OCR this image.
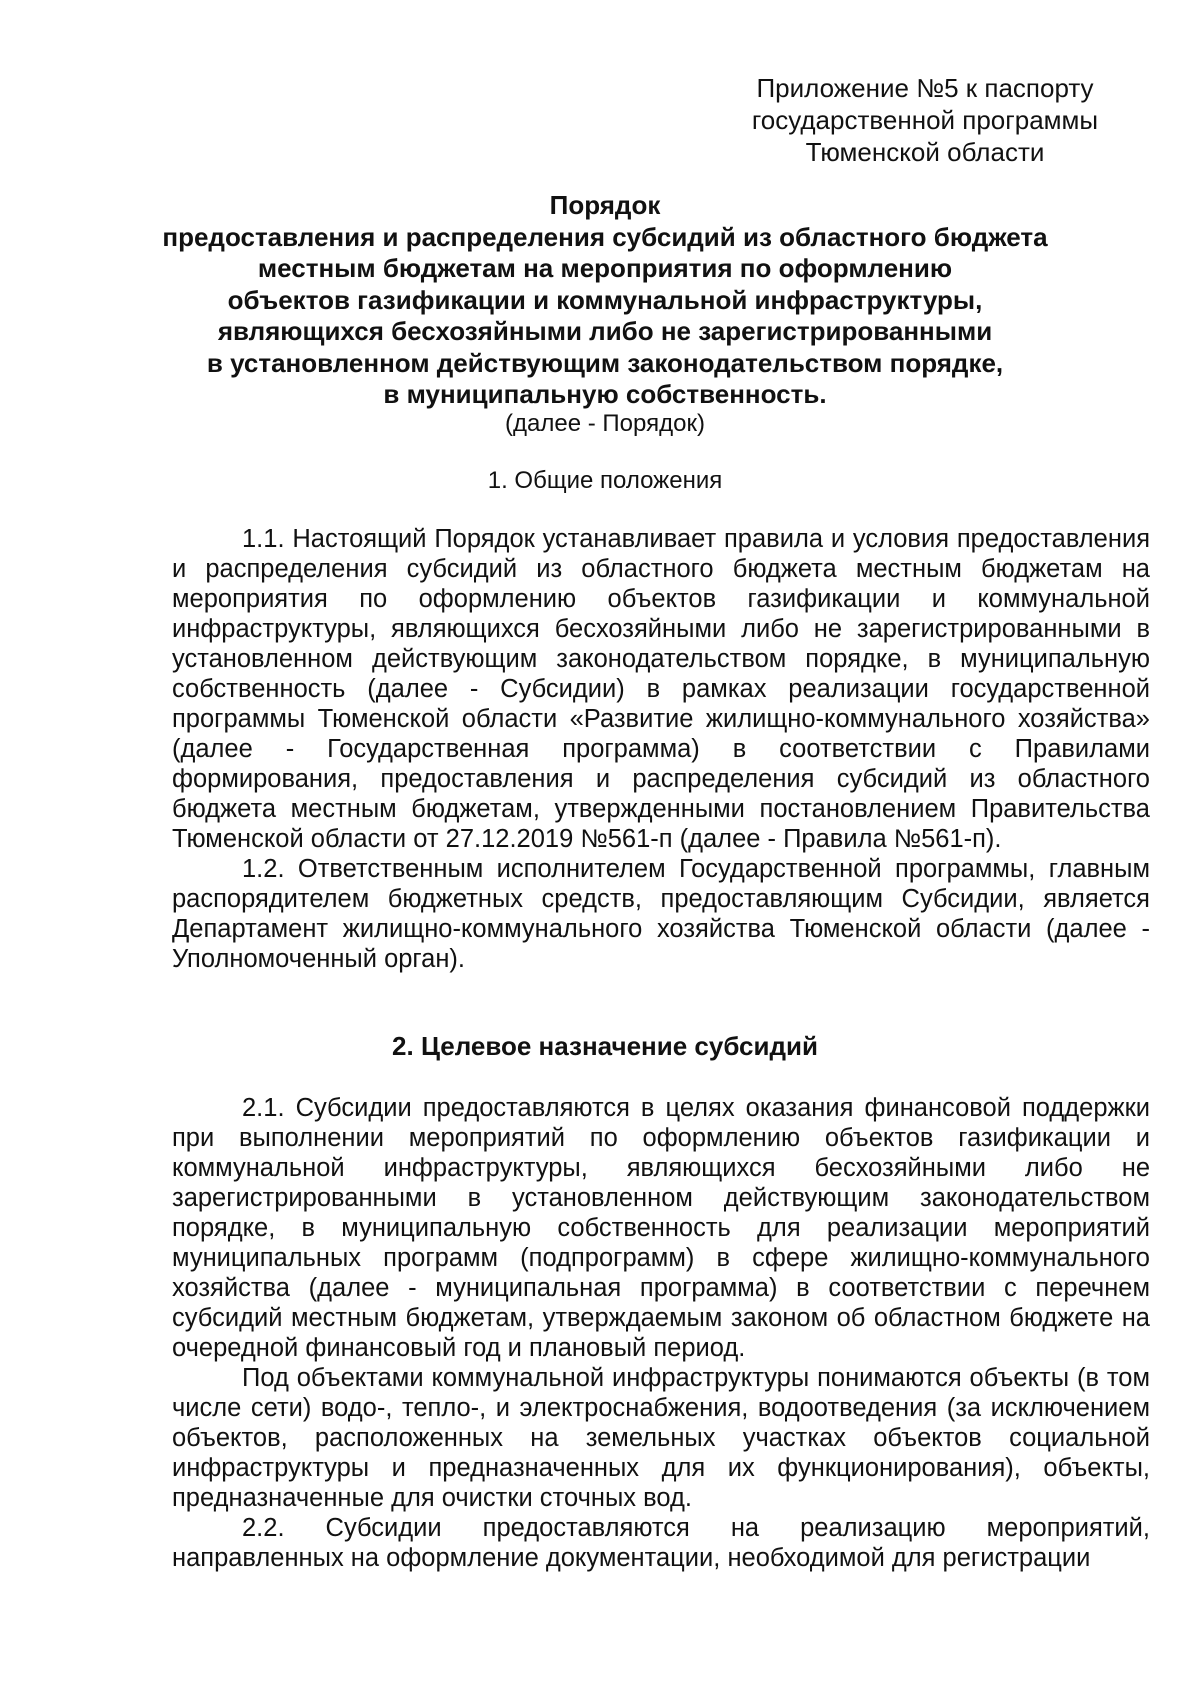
Приложение №5 к паспорту
государственной программы
Тюменской области
Порядок
предоставления и распределения субсидий из областного бюджета
местным бюджетам на мероприятия по оформлению
объектов газификации и коммунальной инфраструктуры,
являющихся бесхозяйными либо не зарегистрированными
в установленном действующим законодательством порядке,
в муниципальную собственность.
(далее - Порядок)
1. Общие положения

1.1. Настоящий Порядок устанавливает правила и условия предоставления и распределения субсидий из областного бюджета местным бюджетам на мероприятия по оформлению объектов газификации и коммунальной инфраструктуры, являющихся бесхозяйными либо не зарегистрированными в установленном действующим законодательством порядке, в муниципальную собственность (далее - Субсидии) в рамках реализации государственной программы Тюменской области «Развитие жилищно-коммунального хозяйства» (далее - Государственная программа) в соответствии с Правилами формирования, предоставления и распределения субсидий из областного бюджета местным бюджетам, утвержденными постановлением Правительства Тюменской области от 27.12.2019 №561-п (далее - Правила №561-п).

1.2. Ответственным исполнителем Государственной программы, главным распорядителем бюджетных средств, предоставляющим Субсидии, является Департамент жилищно-коммунального хозяйства Тюменской области (далее - Уполномоченный орган).

2. Целевое назначение субсидий

2.1. Субсидии предоставляются в целях оказания финансовой поддержки при выполнении мероприятий по оформлению объектов газификации и коммунальной инфраструктуры, являющихся бесхозяйными либо не зарегистрированными в установленном действующим законодательством порядке, в муниципальную собственность для реализации мероприятий муниципальных программ (подпрограмм) в сфере жилищно-коммунального хозяйства (далее - муниципальная программа) в соответствии с перечнем субсидий местным бюджетам, утверждаемым законом об областном бюджете на очередной финансовый год и плановый период.

Под объектами коммунальной инфраструктуры понимаются объекты (в том числе сети) водо-, тепло-, и электроснабжения, водоотведения (за исключением объектов, расположенных на земельных участках объектов социальной инфраструктуры и предназначенных для их функционирования), объекты, предназначенные для очистки сточных вод.

2.2. Субсидии предоставляются на реализацию мероприятий, направленных на оформление документации, необходимой для регистрации
